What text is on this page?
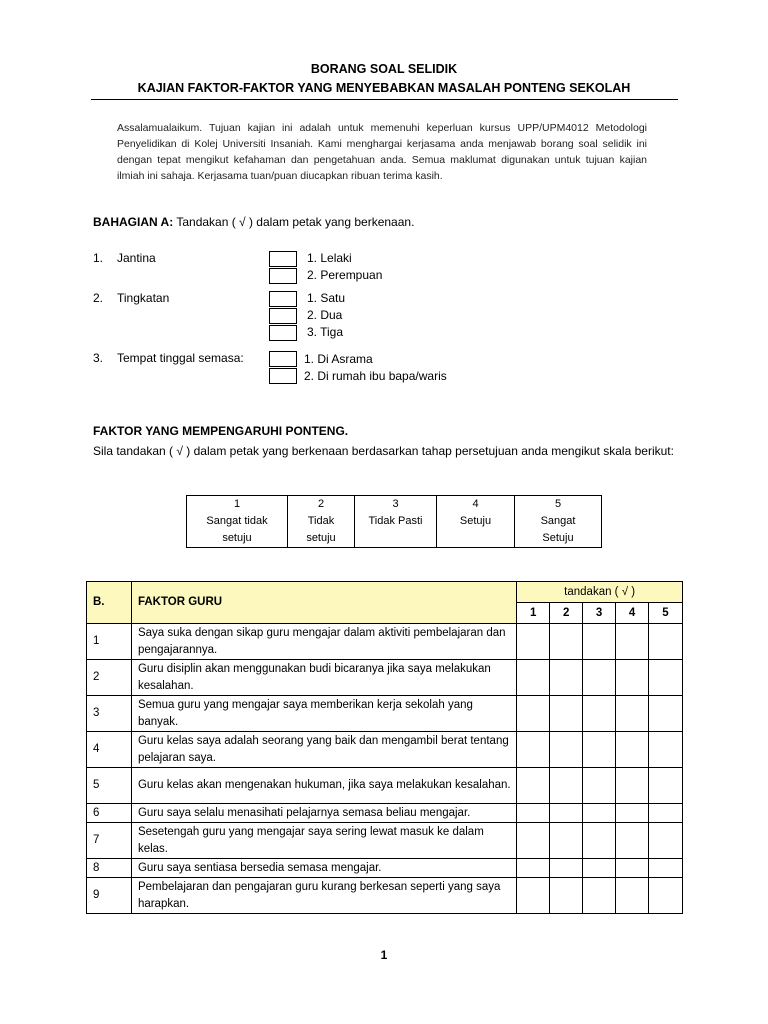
BORANG SOAL SELIDIK
KAJIAN FAKTOR-FAKTOR YANG MENYEBABKAN MASALAH PONTENG SEKOLAH
Assalamualaikum. Tujuan kajian ini adalah untuk memenuhi keperluan kursus UPP/UPM4012 Metodologi Penyelidikan di Kolej Universiti Insaniah. Kami menghargai kerjasama anda menjawab borang soal selidik ini dengan tepat mengikut kefahaman dan pengetahuan anda. Semua maklumat digunakan untuk tujuan kajian ilmiah ini sahaja. Kerjasama tuan/puan diucapkan ribuan terima kasih.
BAHAGIAN A: Tandakan ( √ ) dalam petak yang berkenaan.
1. Jantina	1. Lelaki
2. Perempuan
2. Tingkatan	1. Satu
2. Dua
3. Tiga
3. Tempat tinggal semasa:	1. Di Asrama
2. Di rumah ibu bapa/waris
FAKTOR YANG MEMPENGARUHI PONTENG.
Sila tandakan ( √ ) dalam petak yang berkenaan berdasarkan tahap persetujuan anda mengikut skala berikut:
1
Sangat tidak
setuju

2
Tidak
setuju

3
Tidak Pasti

4
Setuju

5
Sangat
Setuju
B.	FAKTOR GURU	tandakan ( √ )				
		1	2	3	4	5
1	Saya suka dengan sikap guru mengajar dalam aktiviti pembelajaran dan pengajarannya.					
2	Guru disiplin akan menggunakan budi bicaranya jika saya melakukan kesalahan.					
3	Semua guru yang mengajar saya memberikan kerja sekolah yang banyak.					
4	Guru kelas saya adalah seorang yang baik dan mengambil berat tentang pelajaran saya.					
5	Guru kelas akan mengenakan hukuman, jika saya melakukan kesalahan.					
6	Guru saya selalu menasihati pelajarnya semasa beliau mengajar.					
7	Sesetengah guru yang mengajar saya sering lewat masuk ke dalam kelas.					
8	Guru saya sentiasa bersedia semasa mengajar.					
9	Pembelajaran dan pengajaran guru kurang berkesan seperti yang saya harapkan.					
1
